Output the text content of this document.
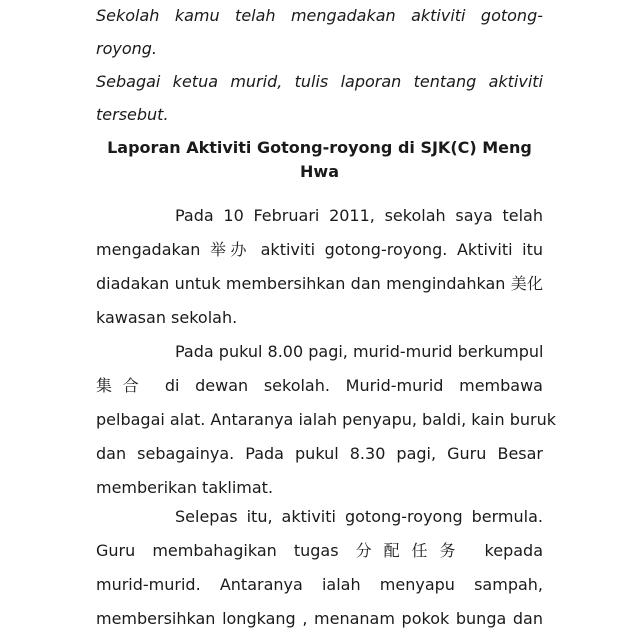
Sekolah kamu telah mengadakan aktiviti gotong-royong.
Sebagai ketua murid, tulis laporan tentang aktiviti
tersebut.
Laporan Aktiviti Gotong-royong di SJK(C) Meng Hwa
Pada 10 Februari 2011, sekolah saya telah
mengadakan 举办 aktiviti gotong-royong. Aktiviti itu
diadakan untuk membersihkan dan mengindahkan 美化
kawasan sekolah.
Pada pukul 8.00 pagi, murid-murid berkumpul
集合 di dewan sekolah. Murid-murid membawa
pelbagai alat. Antaranya ialah penyapu, baldi, kain buruk
dan sebagainya. Pada pukul 8.30 pagi, Guru Besar
memberikan taklimat.
Selepas itu, aktiviti gotong-royong bermula.
Guru membahagikan tugas 分配任务 kepada
murid-murid. Antaranya ialah menyapu sampah,
membersihkan longkang , menanam pokok bunga dan
